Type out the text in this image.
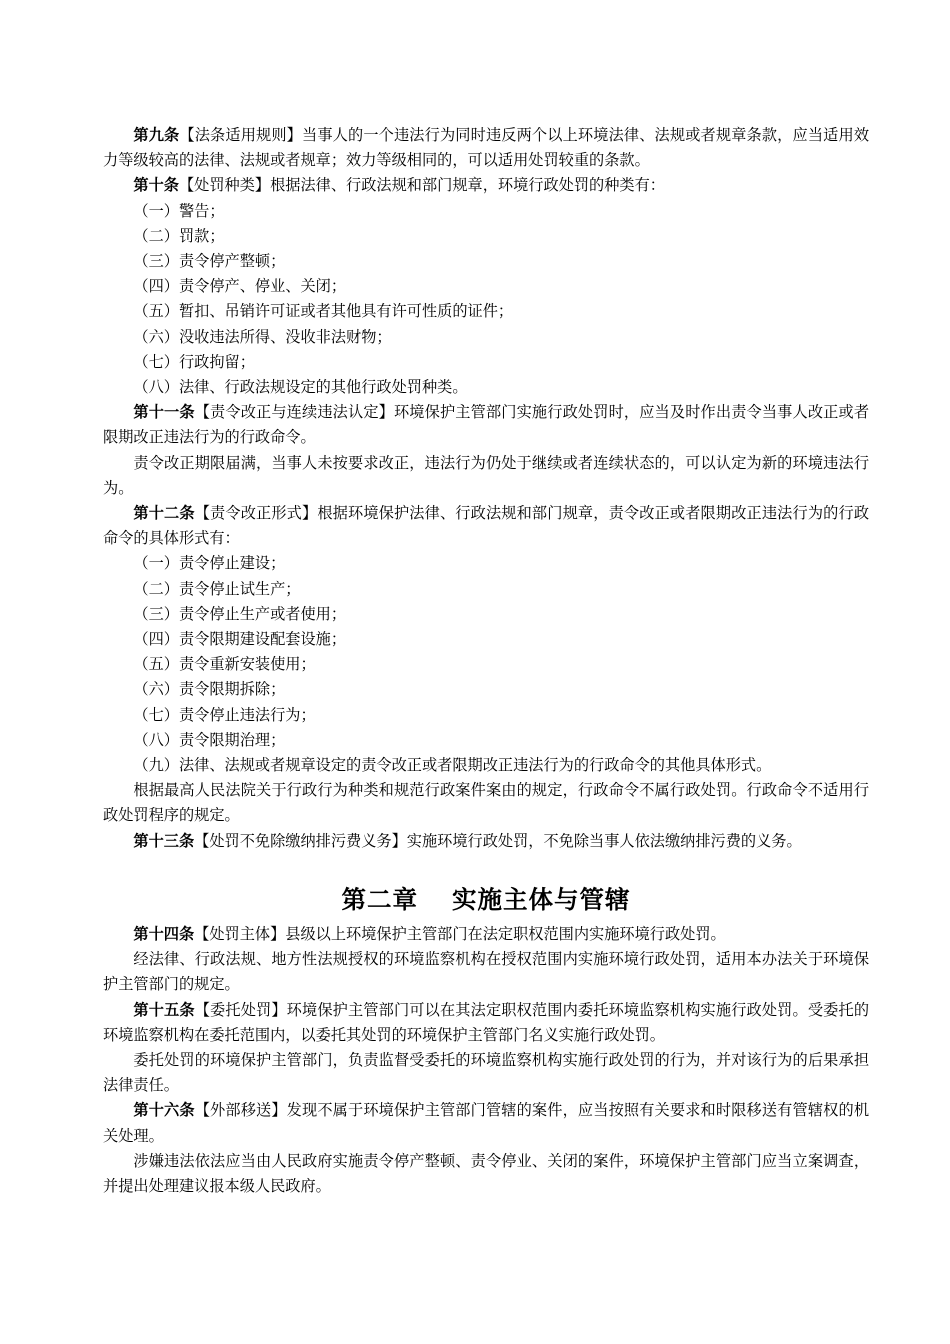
第九条【法条适用规则】当事人的一个违法行为同时违反两个以上环境法律、法规或者规章条款，应当适用效力等级较高的法律、法规或者规章；效力等级相同的，可以适用处罚较重的条款。

第十条【处罚种类】根据法律、行政法规和部门规章，环境行政处罚的种类有：

（一）警告；

（二）罚款；

（三）责令停产整顿；

（四）责令停产、停业、关闭；

（五）暂扣、吊销许可证或者其他具有许可性质的证件；

（六）没收违法所得、没收非法财物；

（七）行政拘留；

（八）法律、行政法规设定的其他行政处罚种类。

第十一条【责令改正与连续违法认定】环境保护主管部门实施行政处罚时，应当及时作出责令当事人改正或者限期改正违法行为的行政命令。

责令改正期限届满，当事人未按要求改正，违法行为仍处于继续或者连续状态的，可以认定为新的环境违法行为。

第十二条【责令改正形式】根据环境保护法律、行政法规和部门规章，责令改正或者限期改正违法行为的行政命令的具体形式有：

（一）责令停止建设；

（二）责令停止试生产；

（三）责令停止生产或者使用；

（四）责令限期建设配套设施；

（五）责令重新安装使用；

（六）责令限期拆除；

（七）责令停止违法行为；

（八）责令限期治理；

（九）法律、法规或者规章设定的责令改正或者限期改正违法行为的行政命令的其他具体形式。

根据最高人民法院关于行政行为种类和规范行政案件案由的规定，行政命令不属行政处罚。行政命令不适用行政处罚程序的规定。

第十三条【处罚不免除缴纳排污费义务】实施环境行政处罚，不免除当事人依法缴纳排污费的义务。

第二章 实施主体与管辖

第十四条【处罚主体】县级以上环境保护主管部门在法定职权范围内实施环境行政处罚。

经法律、行政法规、地方性法规授权的环境监察机构在授权范围内实施环境行政处罚，适用本办法关于环境保护主管部门的规定。

第十五条【委托处罚】环境保护主管部门可以在其法定职权范围内委托环境监察机构实施行政处罚。受委托的环境监察机构在委托范围内，以委托其处罚的环境保护主管部门名义实施行政处罚。

委托处罚的环境保护主管部门，负责监督受委托的环境监察机构实施行政处罚的行为，并对该行为的后果承担法律责任。

第十六条【外部移送】发现不属于环境保护主管部门管辖的案件，应当按照有关要求和时限移送有管辖权的机关处理。

涉嫌违法依法应当由人民政府实施责令停产整顿、责令停业、关闭的案件，环境保护主管部门应当立案调查，并提出处理建议报本级人民政府。
